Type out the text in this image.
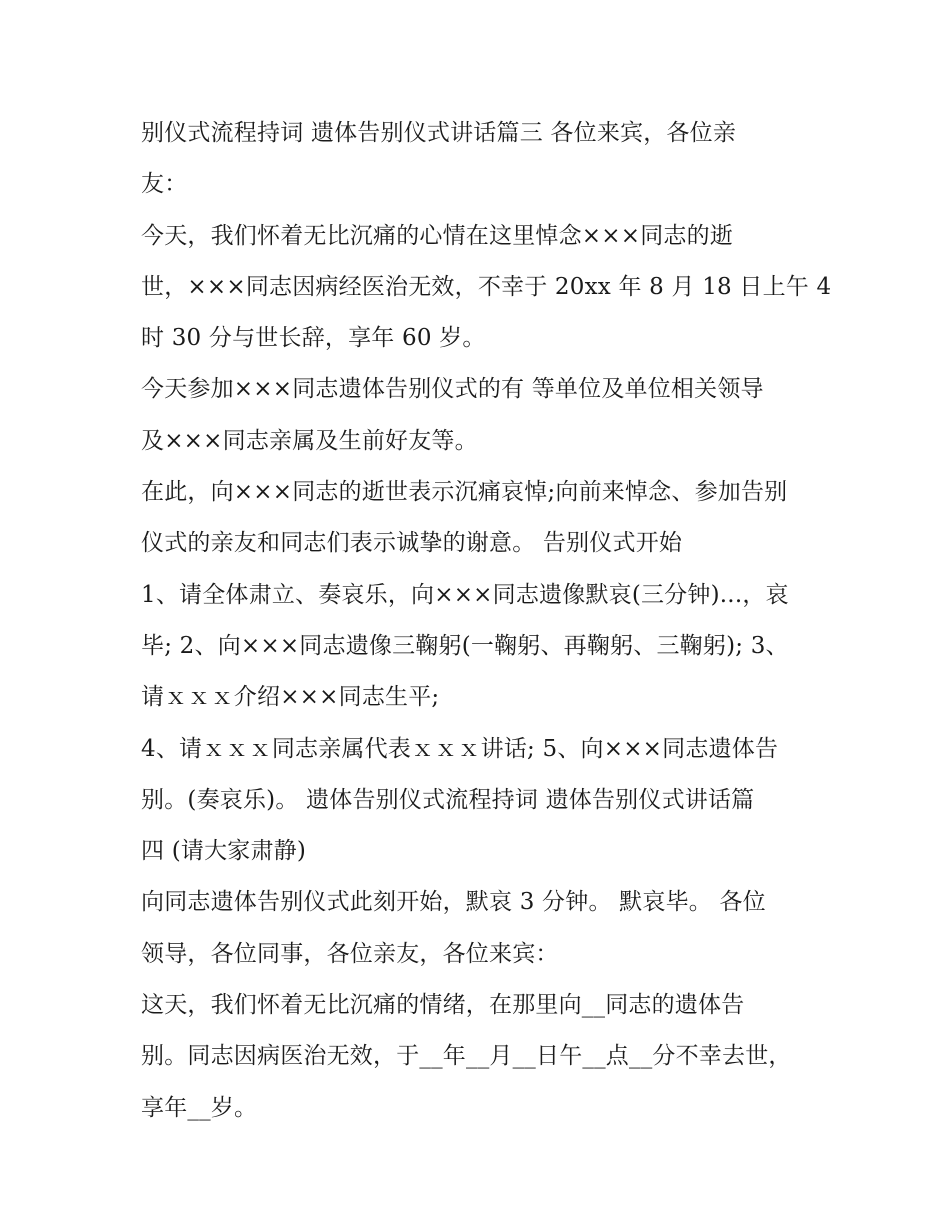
别仪式流程持词 遗体告别仪式讲话篇三 各位来宾，各位亲
友：
今天，我们怀着无比沉痛的心情在这里悼念×××同志的逝
世，×××同志因病经医治无效，不幸于 20xx 年 8 月 18 日上午 4
时 30 分与世长辞，享年 60 岁。
今天参加×××同志遗体告别仪式的有 等单位及单位相关领导
及×××同志亲属及生前好友等。
在此，向×××同志的逝世表示沉痛哀悼;向前来悼念、参加告别
仪式的亲友和同志们表示诚挚的谢意。 告别仪式开始
1、请全体肃立、奏哀乐，向×××同志遗像默哀(三分钟)...，哀
毕; 2、向×××同志遗像三鞠躬(一鞠躬、再鞠躬、三鞠躬); 3、
请ｘｘｘ介绍×××同志生平;
4、请ｘｘｘ同志亲属代表ｘｘｘ讲话; 5、向×××同志遗体告
别。(奏哀乐)。 遗体告别仪式流程持词 遗体告别仪式讲话篇
四 (请大家肃静)
向同志遗体告别仪式此刻开始，默哀 3 分钟。 默哀毕。 各位
领导，各位同事，各位亲友，各位来宾：
这天，我们怀着无比沉痛的情绪，在那里向__同志的遗体告
别。同志因病医治无效，于__年__月__日午__点__分不幸去世，
享年__岁。
